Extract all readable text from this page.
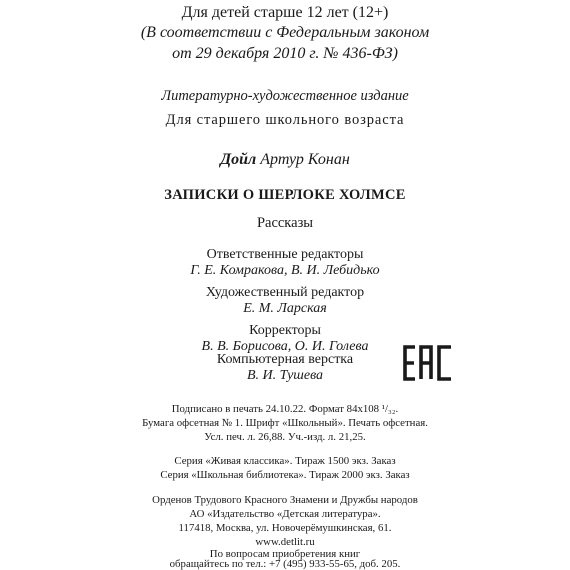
Для детей старше 12 лет (12+)
(В соответствии с Федеральным законом
от 29 декабря 2010 г. № 436-ФЗ)
Литературно-художественное издание
Для старшего школьного возраста
Дойл Артур Конан
ЗАПИСКИ О ШЕРЛОКЕ ХОЛМСЕ
Рассказы
Ответственные редакторы
Г. Е. Комракова, В. И. Лебидько
Художественный редактор
Е. М. Ларская
Корректоры
В. В. Борисова, О. И. Голева
Компьютерная верстка
В. И. Тушева
Подписано в печать 24.10.22. Формат 84x108 ¹/₃₂.
Бумага офсетная № 1. Шрифт «Школьный». Печать офсетная.
Усл. печ. л. 26,88. Уч.-изд. л. 21,25.
Серия «Живая классика». Тираж 1500 экз. Заказ
Серия «Школьная библиотека». Тираж 2000 экз. Заказ
Орденов Трудового Красного Знамени и Дружбы народов
АО «Издательство «Детская литература».
117418, Москва, ул. Новочерёмушкинская, 61.
www.detlit.ru
По вопросам приобретения книг
обращайтесь по тел.: +7 (495) 933-55-65, доб. 205.
